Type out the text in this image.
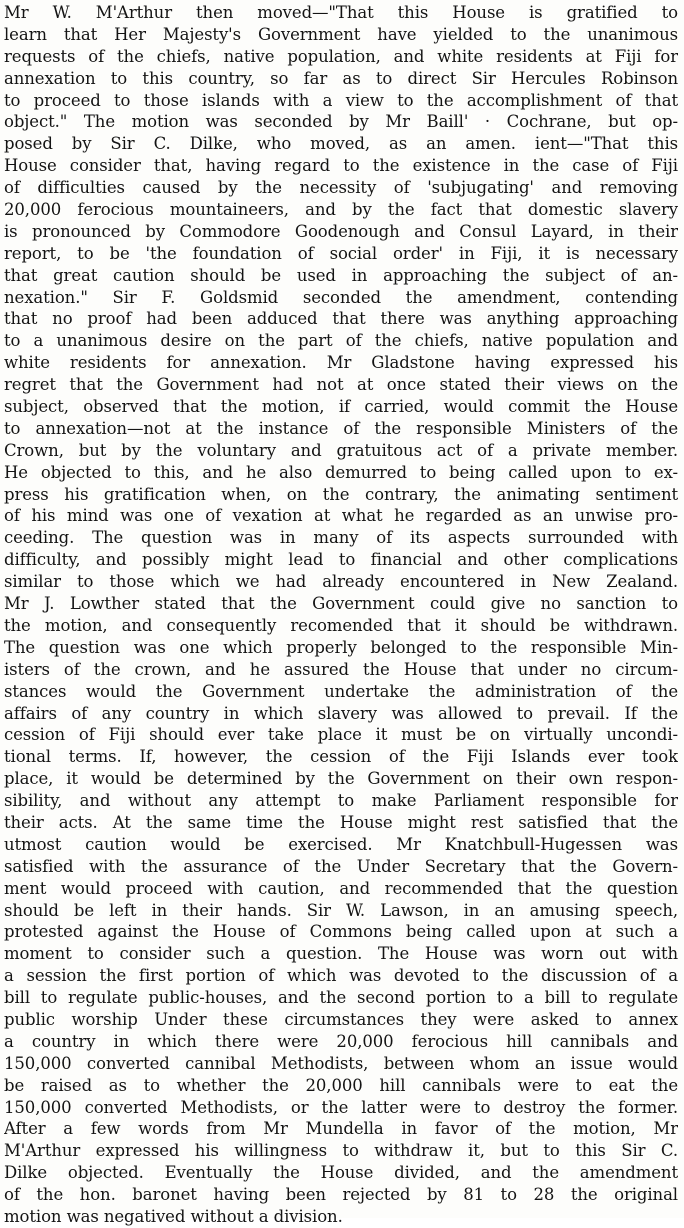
Mr W. M'Arthur then moved—"That this House is gratified to
learn that Her Majesty's Government have yielded to the unanimous
requests of the chiefs, native population, and white residents at Fiji for
annexation to this country, so far as to direct Sir Hercules Robinson
to proceed to those islands with a view to the accomplishment of that
object." The motion was seconded by Mr Baill' · Cochrane, but op-
posed by Sir C. Dilke, who moved, as an amen. ient—"That this
House consider that, having regard to the existence in the case of Fiji
of difficulties caused by the necessity of 'subjugating' and removing
20,000 ferocious mountaineers, and by the fact that domestic slavery
is pronounced by Commodore Goodenough and Consul Layard, in their
report, to be 'the foundation of social order' in Fiji, it is necessary
that great caution should be used in approaching the subject of an-
nexation." Sir F. Goldsmid seconded the amendment, contending
that no proof had been adduced that there was anything approaching
to a unanimous desire on the part of the chiefs, native population and
white residents for annexation. Mr Gladstone having expressed his
regret that the Government had not at once stated their views on the
subject, observed that the motion, if carried, would commit the House
to annexation—not at the instance of the responsible Ministers of the
Crown, but by the voluntary and gratuitous act of a private member.
He objected to this, and he also demurred to being called upon to ex-
press his gratification when, on the contrary, the animating sentiment
of his mind was one of vexation at what he regarded as an unwise pro-
ceeding. The question was in many of its aspects surrounded with
difficulty, and possibly might lead to financial and other complications
similar to those which we had already encountered in New Zealand.
Mr J. Lowther stated that the Government could give no sanction to
the motion, and consequently recomended that it should be withdrawn.
The question was one which properly belonged to the responsible Min-
isters of the crown, and he assured the House that under no circum-
stances would the Government undertake the administration of the
affairs of any country in which slavery was allowed to prevail. If the
cession of Fiji should ever take place it must be on virtually uncondi-
tional terms. If, however, the cession of the Fiji Islands ever took
place, it would be determined by the Government on their own respon-
sibility, and without any attempt to make Parliament responsible for
their acts. At the same time the House might rest satisfied that the
utmost caution would be exercised. Mr Knatchbull-Hugessen was
satisfied with the assurance of the Under Secretary that the Govern-
ment would proceed with caution, and recommended that the question
should be left in their hands. Sir W. Lawson, in an amusing speech,
protested against the House of Commons being called upon at such a
moment to consider such a question. The House was worn out with
a session the first portion of which was devoted to the discussion of a
bill to regulate public-houses, and the second portion to a bill to regulate
public worship Under these circumstances they were asked to annex
a country in which there were 20,000 ferocious hill cannibals and
150,000 converted cannibal Methodists, between whom an issue would
be raised as to whether the 20,000 hill cannibals were to eat the
150,000 converted Methodists, or the latter were to destroy the former.
After a few words from Mr Mundella in favor of the motion, Mr
M'Arthur expressed his willingness to withdraw it, but to this Sir C.
Dilke objected. Eventually the House divided, and the amendment
of the hon. baronet having been rejected by 81 to 28 the original
motion was negatived without a division.
